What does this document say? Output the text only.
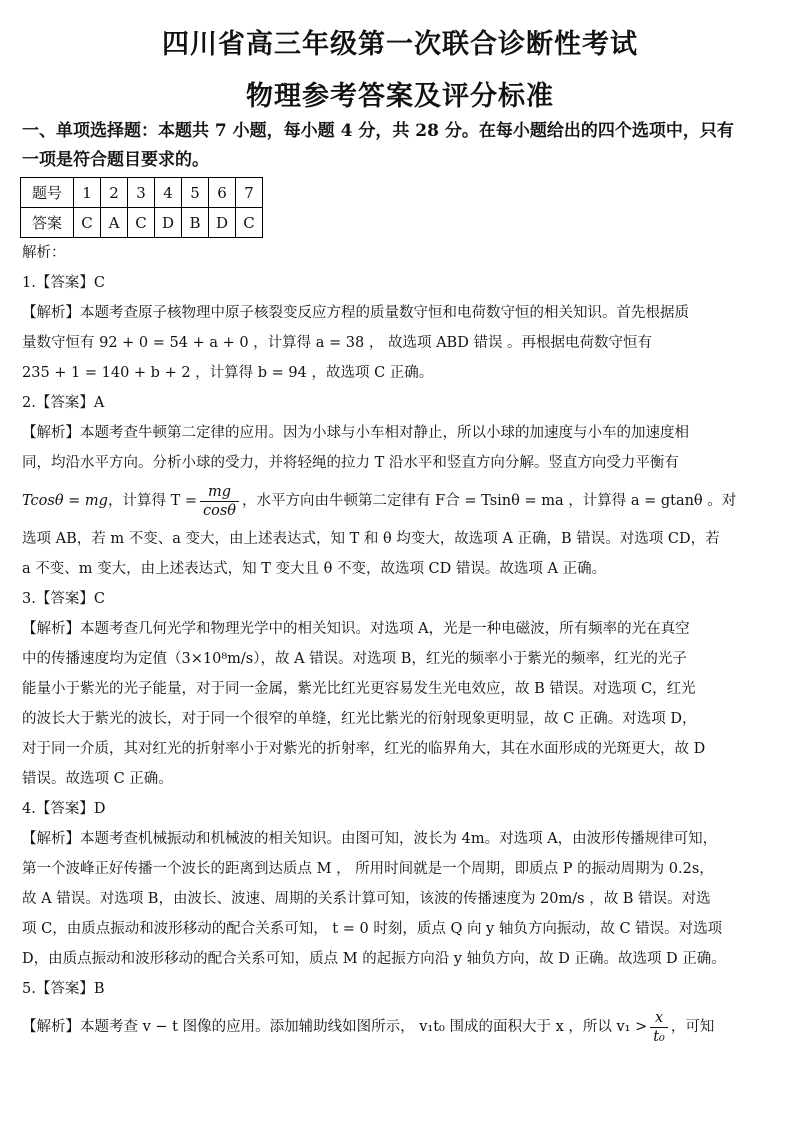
四川省高三年级第一次联合诊断性考试
物理参考答案及评分标准
一、单项选择题：本题共 7 小题，每小题 4 分，共 28 分。在每小题给出的四个选项中，只有
一项是符合题目要求的。
题号	1	2	3	4	5	6	7
答案	C	A	C	D	B	D	C

解析：

1.【答案】C

【解析】本题考查原子核物理中原子核裂变反应方程的质量数守恒和电荷数守恒的相关知识。首先根据质

量数守恒有 92 + 0 = 54 + a + 0 ，计算得 a = 38 ， 故选项 ABD 错误 。再根据电荷数守恒有

235 + 1 = 140 + b + 2 ，计算得 b = 94 ，故选项 C 正确。

2.【答案】A

【解析】本题考查牛顿第二定律的应用。因为小球与小车相对静止，所以小球的加速度与小车的加速度相

同，均沿水平方向。分析小球的受力，并将轻绳的拉力 T 沿水平和竖直方向分解。竖直方向受力平衡有

Tcosθ = mg，计算得 $T = \frac{mg}{\cos\theta}$ ，水平方向由牛顿第二定律有 F合 = Tsinθ = ma ，计算得 a = gtanθ 。对

选项 AB，若 m 不变、a 变大，由上述表达式，知 T 和 θ 均变大，故选项 A 正确，B 错误。对选项 CD，若

a 不变、m 变大，由上述表达式，知 T 变大且 θ 不变，故选项 CD 错误。故选项 A 正确。

3.【答案】C

【解析】本题考查几何光学和物理光学中的相关知识。对选项 A，光是一种电磁波，所有频率的光在真空

中的传播速度均为定值（3×10⁸m/s），故 A 错误。对选项 B，红光的频率小于紫光的频率，红光的光子

能量小于紫光的光子能量，对于同一金属，紫光比红光更容易发生光电效应，故 B 错误。对选项 C，红光

的波长大于紫光的波长，对于同一个很窄的单缝，红光比紫光的衍射现象更明显，故 C 正确。对选项 D，

对于同一介质，其对红光的折射率小于对紫光的折射率，红光的临界角大，其在水面形成的光斑更大，故 D

错误。故选项 C 正确。

4.【答案】D

【解析】本题考查机械振动和机械波的相关知识。由图可知，波长为 4m。对选项 A，由波形传播规律可知，

第一个波峰正好传播一个波长的距离到达质点 M ， 所用时间就是一个周期，即质点 P 的振动周期为 0.2s，

故 A 错误。对选项 B，由波长、波速、周期的关系计算可知，该波的传播速度为 20m/s ，故 B 错误。对选

项 C，由质点振动和波形移动的配合关系可知， t = 0 时刻，质点 Q 向 y 轴负方向振动，故 C 错误。对选项

D，由质点振动和波形移动的配合关系可知，质点 M 的起振方向沿 y 轴负方向，故 D 正确。故选项 D 正确。

5.【答案】B

【解析】本题考查 v − t 图像的应用。添加辅助线如图所示， v₁t₀ 围成的面积大于 x ，所以 $v_1 > \frac{x}{\text{t₀}}$ ，可知
